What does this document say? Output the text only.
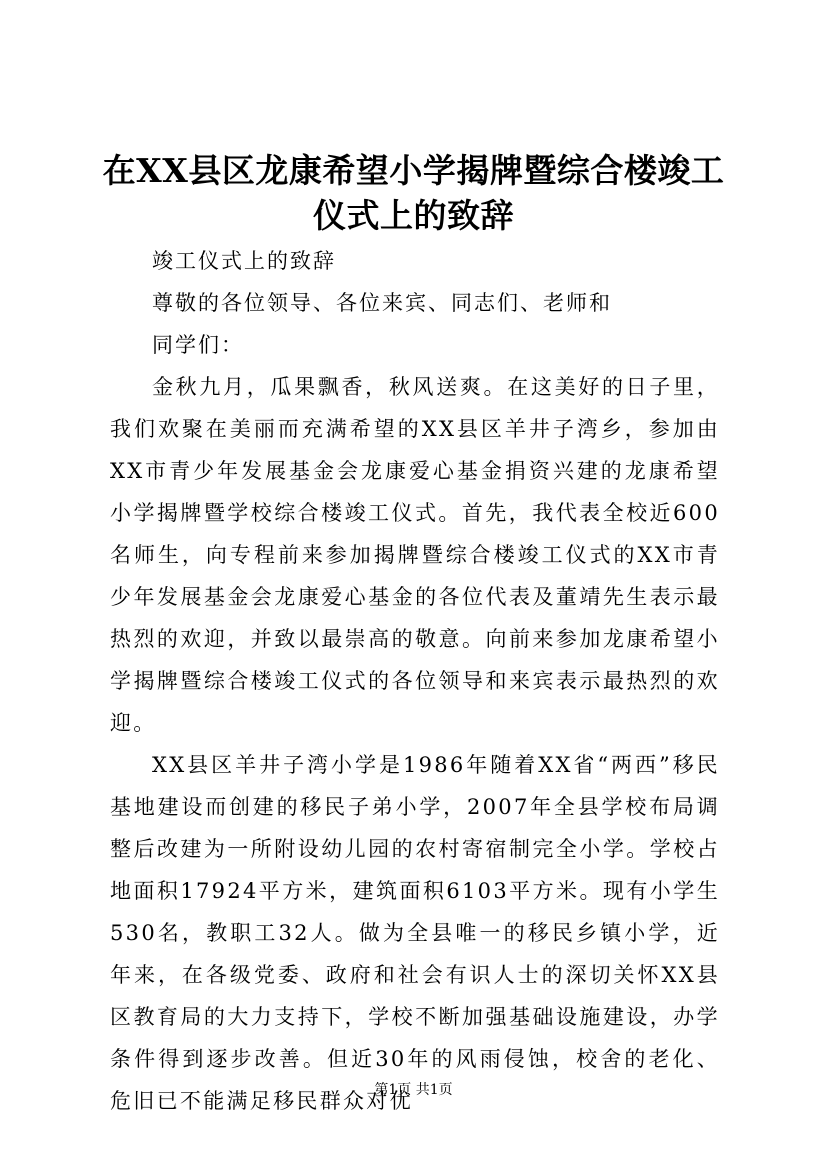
在XX县区龙康希望小学揭牌暨综合楼竣工仪式上的致辞
竣工仪式上的致辞
尊敬的各位领导、各位来宾、同志们、老师和
同学们：

金秋九月，瓜果飘香，秋风送爽。在这美好的日子里，我们欢聚在美丽而充满希望的XX县区羊井子湾乡，参加由XX市青少年发展基金会龙康爱心基金捐资兴建的龙康希望小学揭牌暨学校综合楼竣工仪式。首先，我代表全校近600名师生，向专程前来参加揭牌暨综合楼竣工仪式的XX市青少年发展基金会龙康爱心基金的各位代表及董靖先生表示最热烈的欢迎，并致以最崇高的敬意。向前来参加龙康希望小学揭牌暨综合楼竣工仪式的各位领导和来宾表示最热烈的欢迎。

XX县区羊井子湾小学是1986年随着XX省“两西”移民基地建设而创建的移民子弟小学，2007年全县学校布局调整后改建为一所附设幼儿园的农村寄宿制完全小学。学校占地面积17924平方米，建筑面积6103平方米。现有小学生530名，教职工32人。做为全县唯一的移民乡镇小学，近年来，在各级党委、政府和社会有识人士的深切关怀XX县区教育局的大力支持下，学校不断加强基础设施建设，办学条件得到逐步改善。但近30年的风雨侵蚀，校舍的老化、危旧已不能满足移民群众对优

第1页 共1页
